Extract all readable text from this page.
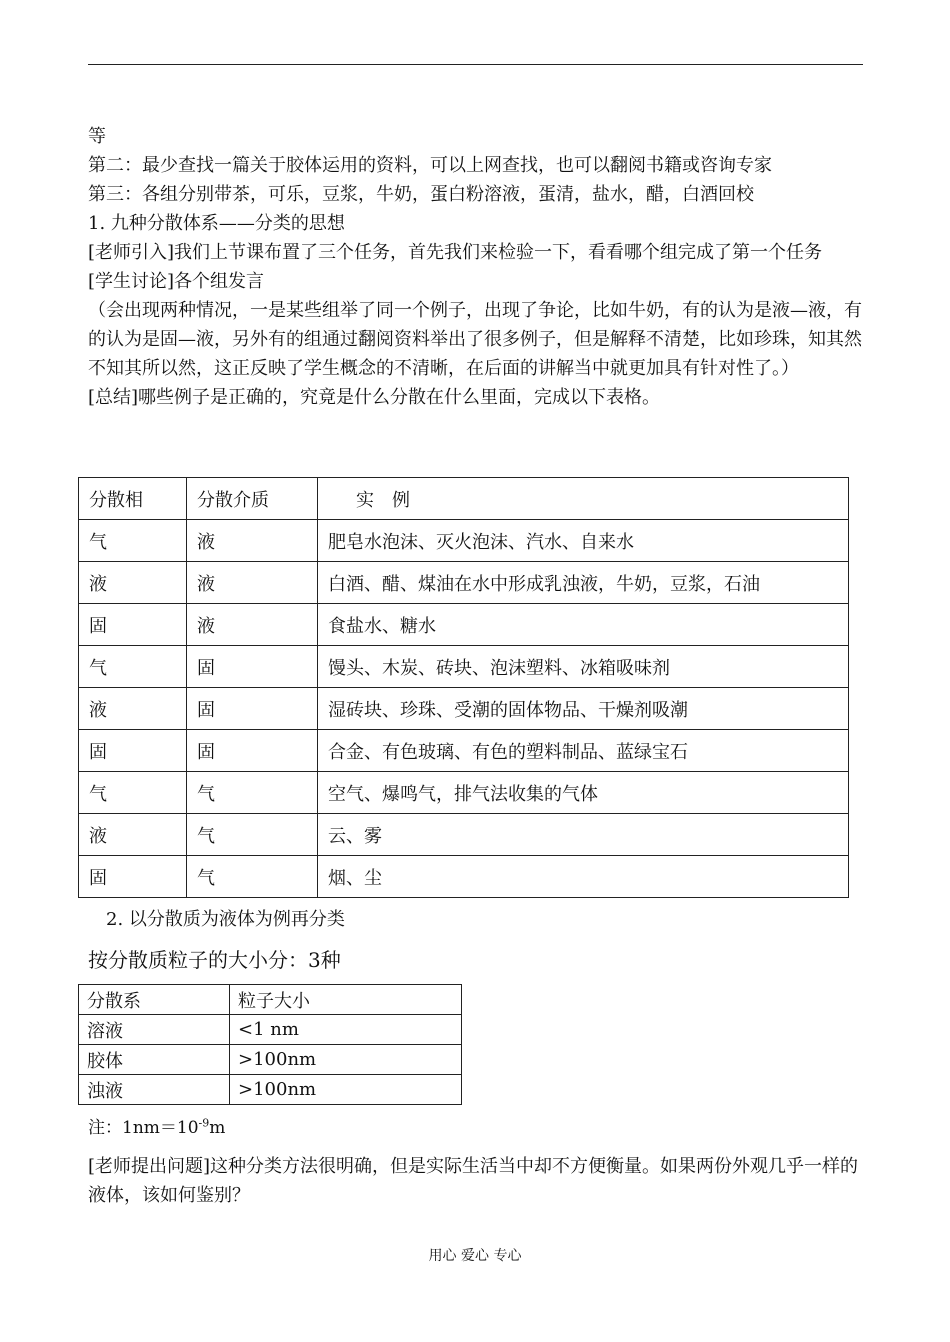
等

第二：最少查找一篇关于胶体运用的资料，可以上网查找，也可以翻阅书籍或咨询专家

第三：各组分别带茶，可乐，豆浆，牛奶，蛋白粉溶液，蛋清，盐水，醋，白酒回校

1. 九种分散体系——分类的思想

[老师引入]我们上节课布置了三个任务，首先我们来检验一下，看看哪个组完成了第一个任务

[学生讨论]各个组发言

（会出现两种情况，一是某些组举了同一个例子，出现了争论，比如牛奶，有的认为是液—液，有的认为是固—液，另外有的组通过翻阅资料举出了很多例子，但是解释不清楚，比如珍珠，知其然不知其所以然，这正反映了学生概念的不清晰，在后面的讲解当中就更加具有针对性了。）

[总结]哪些例子是正确的，究竟是什么分散在什么里面，完成以下表格。

分散相	分散介质	实　例
气	液	肥皂水泡沫、灭火泡沫、汽水、自来水
液	液	白酒、醋、煤油在水中形成乳浊液，牛奶，豆浆，石油
固	液	食盐水、糖水
气	固	馒头、木炭、砖块、泡沫塑料、冰箱吸味剂
液	固	湿砖块、珍珠、受潮的固体物品、干燥剂吸潮
固	固	合金、有色玻璃、有色的塑料制品、蓝绿宝石
气	气	空气、爆鸣气，排气法收集的气体
液	气	云、雾
固	气	烟、尘
2. 以分散质为液体为例再分类
按分散质粒子的大小分：3种
分散系	粒子大小
溶液	<1 nm
胶体	>100nm
浊液	>100nm
注：$1nm=10^{-9}m$
[老师提出问题]这种分类方法很明确，但是实际生活当中却不方便衡量。如果两份外观几乎一样的液体，该如何鉴别？
用心 爱心 专心
